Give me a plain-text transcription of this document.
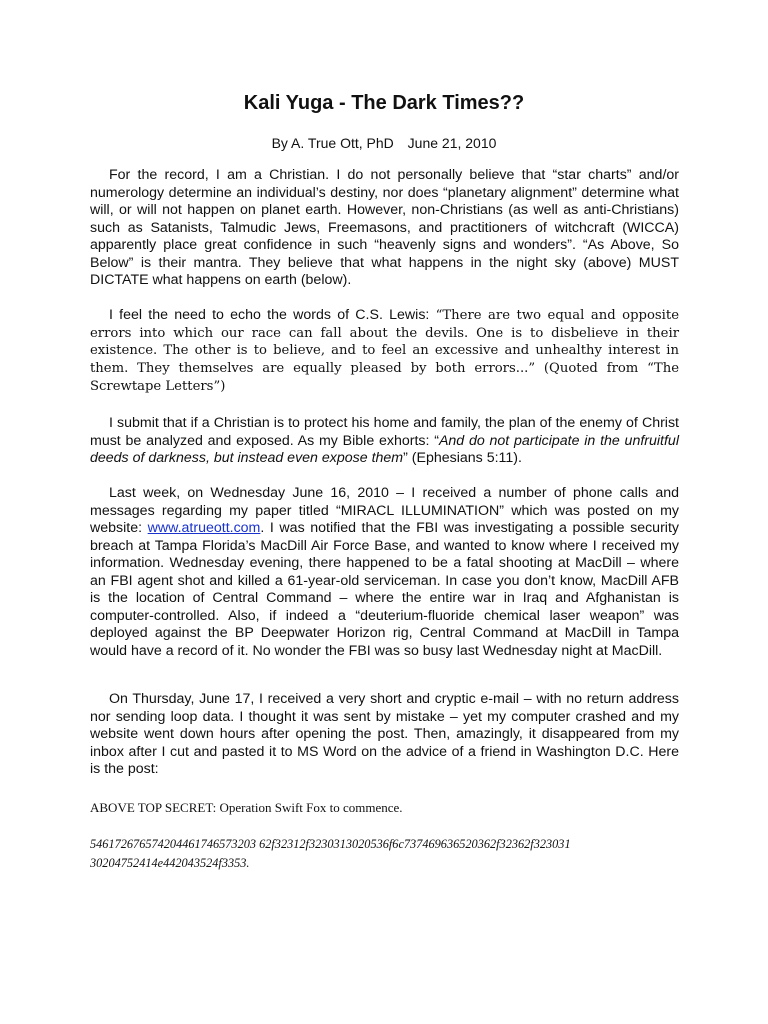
Kali Yuga - The Dark Times??
By A. True Ott, PhD June 21, 2010

For the record, I am a Christian. I do not personally believe that “star charts” and/or numerology determine an individual’s destiny, nor does “planetary alignment” determine what will, or will not happen on planet earth. However, non-Christians (as well as anti-Christians) such as Satanists, Talmudic Jews, Freemasons, and practitioners of witchcraft (WICCA) apparently place great confidence in such “heavenly signs and wonders”. “As Above, So Below” is their mantra. They believe that what happens in the night sky (above) MUST DICTATE what happens on earth (below).

I feel the need to echo the words of C.S. Lewis: “There are two equal and opposite errors into which our race can fall about the devils. One is to disbelieve in their existence. The other is to believe, and to feel an excessive and unhealthy interest in them. They themselves are equally pleased by both errors...” (Quoted from “The Screwtape Letters”)

I submit that if a Christian is to protect his home and family, the plan of the enemy of Christ must be analyzed and exposed. As my Bible exhorts: “And do not participate in the unfruitful deeds of darkness, but instead even expose them” (Ephesians 5:11).

Last week, on Wednesday June 16, 2010 – I received a number of phone calls and messages regarding my paper titled “MIRACL ILLUMINATION” which was posted on my website: www.atrueott.com. I was notified that the FBI was investigating a possible security breach at Tampa Florida’s MacDill Air Force Base, and wanted to know where I received my information. Wednesday evening, there happened to be a fatal shooting at MacDill – where an FBI agent shot and killed a 61-year-old serviceman. In case you don’t know, MacDill AFB is the location of Central Command – where the entire war in Iraq and Afghanistan is computer-controlled. Also, if indeed a “deuterium-fluoride chemical laser weapon” was deployed against the BP Deepwater Horizon rig, Central Command at MacDill in Tampa would have a record of it. No wonder the FBI was so busy last Wednesday night at MacDill.

On Thursday, June 17, I received a very short and cryptic e-mail – with no return address nor sending loop data. I thought it was sent by mistake – yet my computer crashed and my website went down hours after opening the post. Then, amazingly, it disappeared from my inbox after I cut and pasted it to MS Word on the advice of a friend in Washington D.C. Here is the post:

ABOVE TOP SECRET: Operation Swift Fox to commence.

546172676574204461746573203 62f32312f3230313020536f6c737469636520362f32362f323031

30204752414e442043524f3353.
